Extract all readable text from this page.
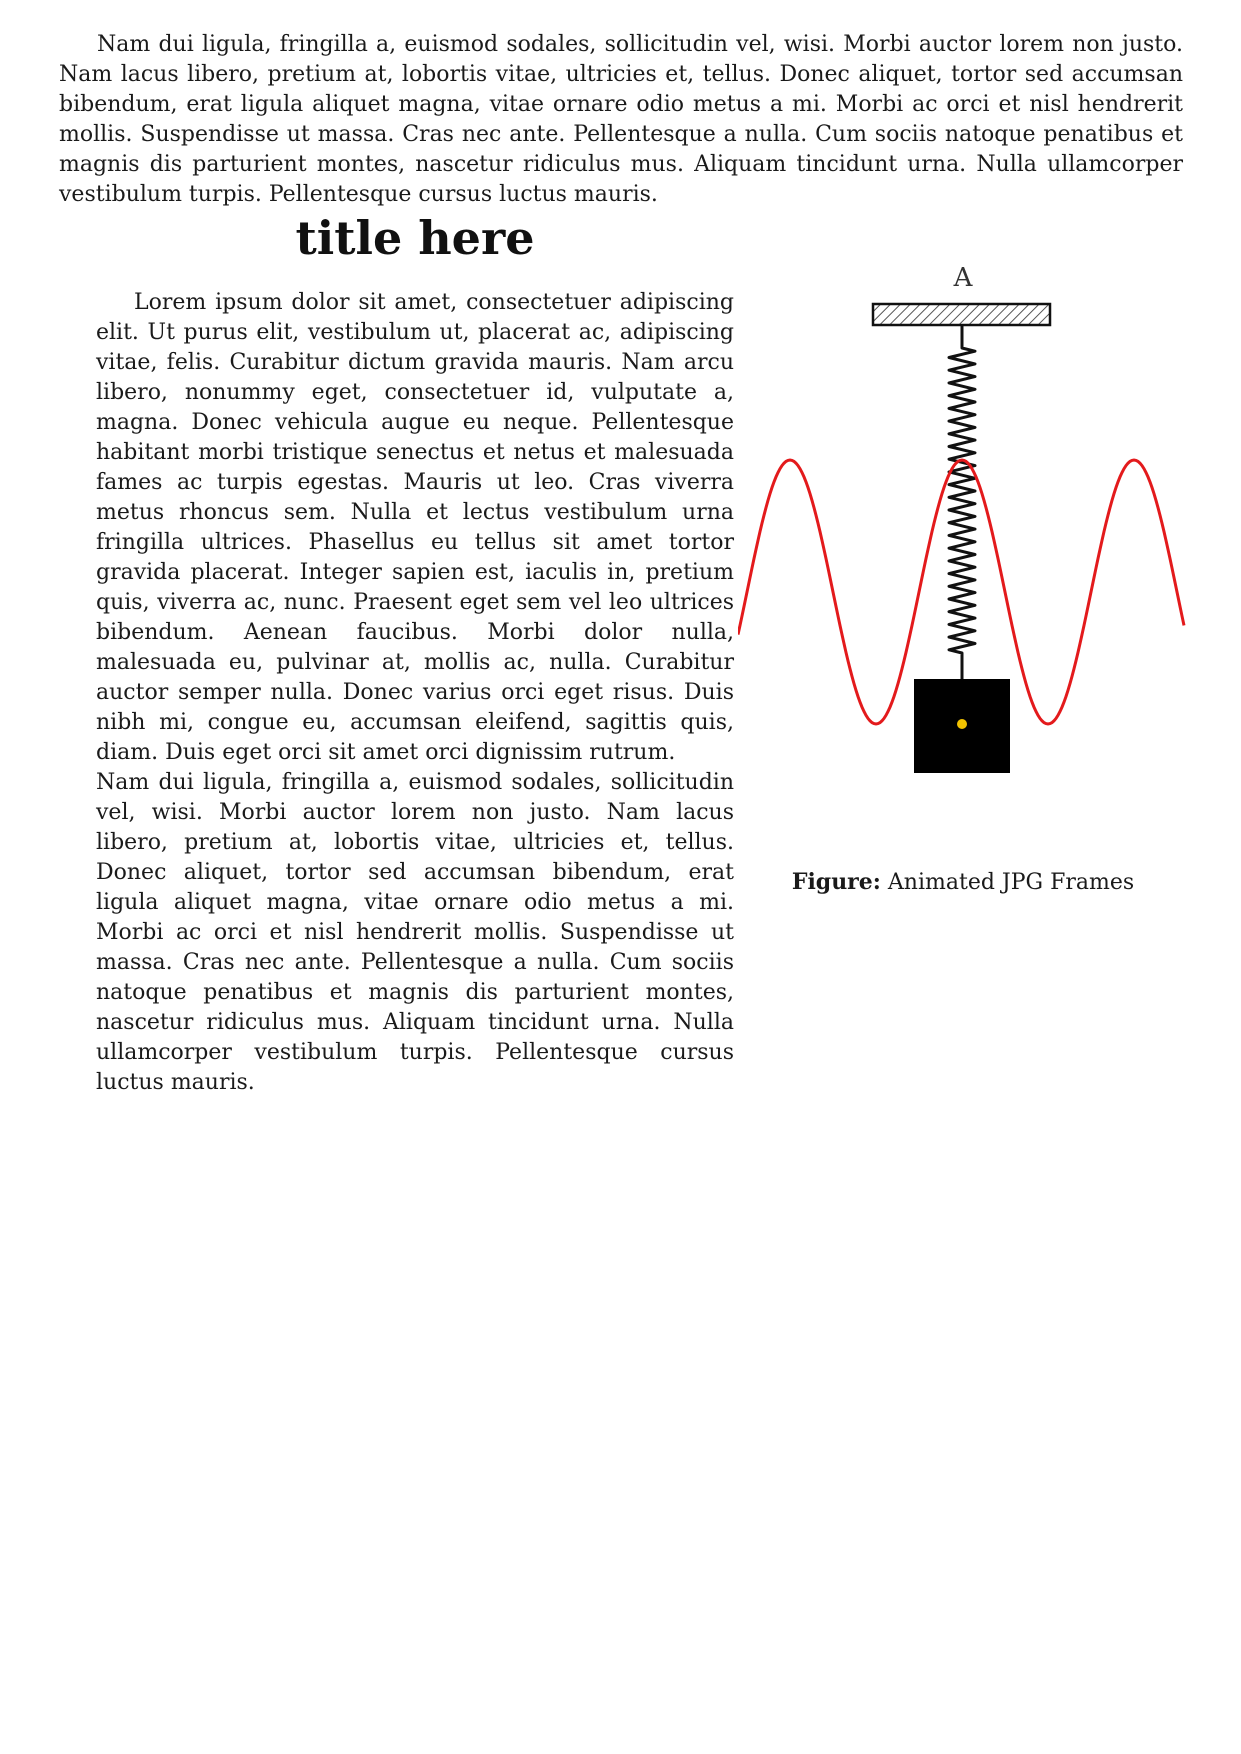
Nam dui ligula, fringilla a, euismod sodales, sollicitudin vel, wisi. Morbi auctor lorem non justo. Nam lacus libero, pretium at, lobortis vitae, ultricies et, tellus. Donec aliquet, tortor sed accumsan bibendum, erat ligula aliquet magna, vitae ornare odio metus a mi. Morbi ac orci et nisl hendrerit mollis. Suspendisse ut massa. Cras nec ante. Pellentesque a nulla. Cum sociis natoque penatibus et magnis dis parturient montes, nascetur ridiculus mus. Aliquam tincidunt urna. Nulla ullamcorper vestibulum turpis. Pellentesque cursus luctus mauris.

title here

Lorem ipsum dolor sit amet, consectetuer adipiscing elit. Ut purus elit, vestibulum ut, placerat ac, adipiscing vitae, felis. Curabitur dictum gravida mauris. Nam arcu libero, nonummy eget, consectetuer id, vulputate a, magna. Donec vehicula augue eu neque. Pellentesque habitant morbi tristique senectus et netus et malesuada fames ac turpis egestas. Mauris ut leo. Cras viverra metus rhoncus sem. Nulla et lectus vestibulum urna fringilla ultrices. Phasellus eu tellus sit amet tortor gravida placerat. Integer sapien est, iaculis in, pretium quis, viverra ac, nunc. Praesent eget sem vel leo ultrices bibendum. Aenean faucibus. Morbi dolor nulla, malesuada eu, pulvinar at, mollis ac, nulla. Curabitur auctor semper nulla. Donec varius orci eget risus. Duis nibh mi, congue eu, accumsan eleifend, sagittis quis, diam. Duis eget orci sit amet orci dignissim rutrum.

Nam dui ligula, fringilla a, euismod sodales, sollicitudin vel, wisi. Morbi auctor lorem non justo. Nam lacus libero, pretium at, lobortis vitae, ultricies et, tellus. Donec aliquet, tortor sed accumsan bibendum, erat ligula aliquet magna, vitae ornare odio metus a mi. Morbi ac orci et nisl hendrerit mollis. Suspendisse ut massa. Cras nec ante. Pellentesque a nulla. Cum sociis natoque penatibus et magnis dis parturient montes, nascetur ridiculus mus. Aliquam tincidunt urna. Nulla ullamcorper vestibulum turpis. Pellentesque cursus luctus mauris.

A

Figure: Animated JPG Frames
